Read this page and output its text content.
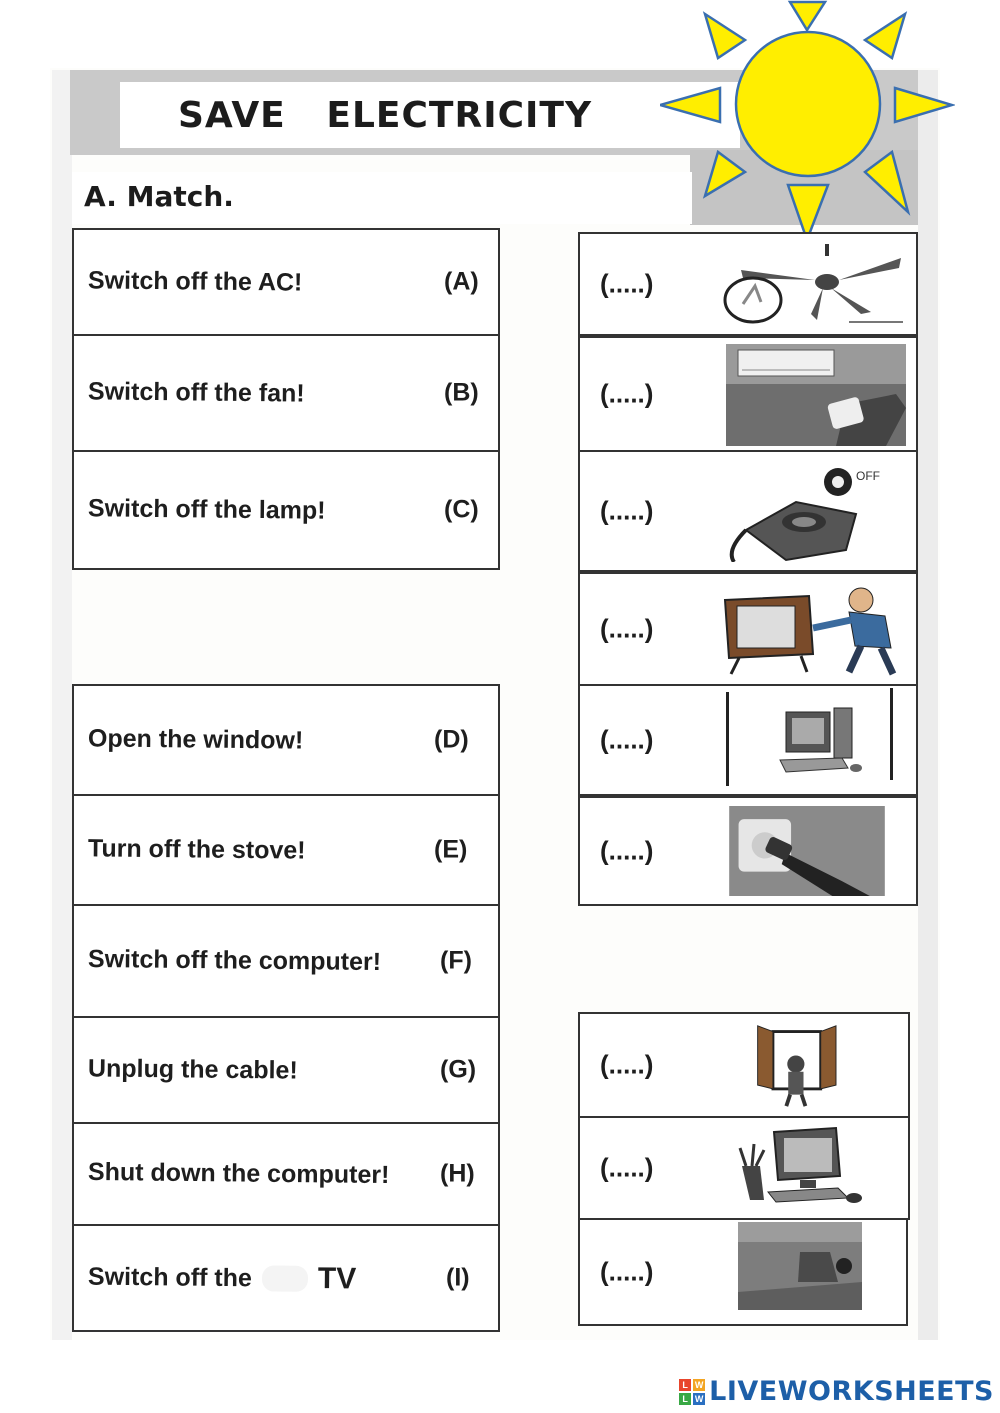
SAVE   ELECTRICITY
A. Match.
Switch off the AC!	(A)
Switch off the fan!	(B)
Switch off the lamp!	(C)
Open the window!	(D)
Turn off the stove!	(E)
Switch off the computer! (F)
Unplug the cable!	(G)
Shut down the computer! (H)
Switch off the TV	(I)
(.....)
(.....)
(.....)
OFF
(.....)
(.....)
(.....)
(.....)
(.....)
(.....)
L W
L W LIVEWORKSHEETS
